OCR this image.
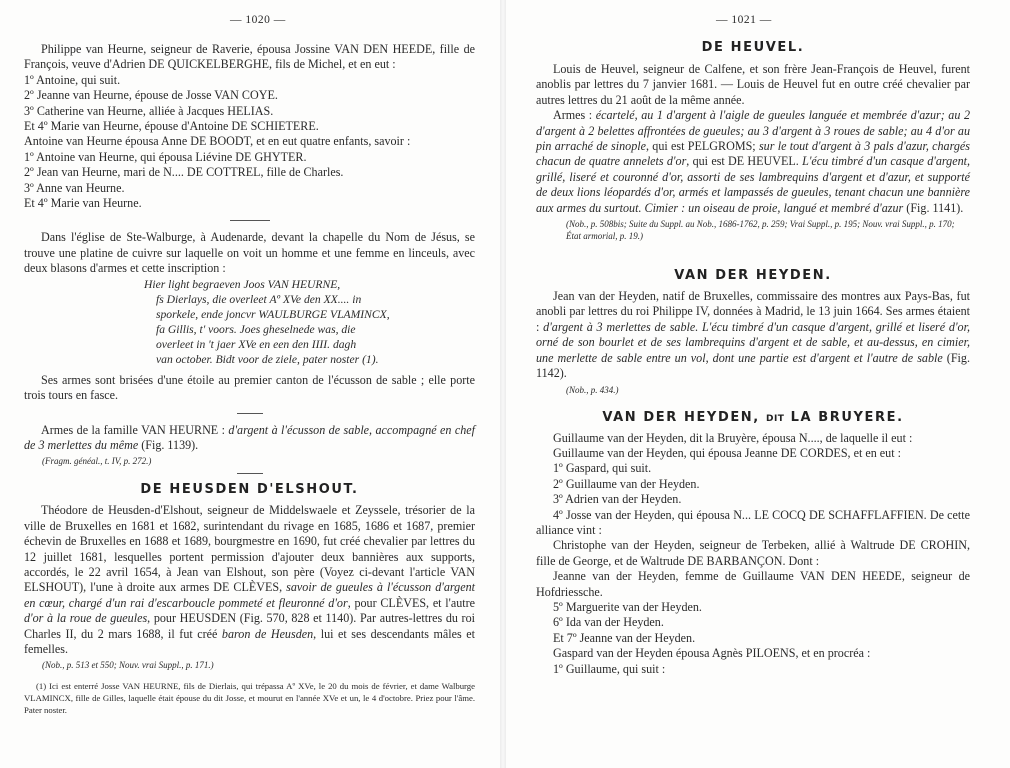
— 1020 —

Philippe van Heurne, seigneur de Raverie, épousa Jossine VAN DEN HEEDE, fille de François, veuve d'Adrien DE QUICKELBERGHE, fils de Michel, et en eut :

1º Antoine, qui suit.

2º Jeanne van Heurne, épouse de Josse VAN COYE.

3º Catherine van Heurne, alliée à Jacques HELIAS.

Et 4º Marie van Heurne, épouse d'Antoine DE SCHIETERE.

Antoine van Heurne épousa Anne DE BOODT, et en eut quatre enfants, savoir :

1º Antoine van Heurne, qui épousa Liévine DE GHYTER.

2º Jean van Heurne, mari de N.... DE COTTREL, fille de Charles.

3º Anne van Heurne.

Et 4º Marie van Heurne.

Dans l'église de Ste-Walburge, à Audenarde, devant la chapelle du Nom de Jésus, se trouve une platine de cuivre sur laquelle on voit un homme et une femme en linceuls, avec deux blasons d'armes et cette inscription :

Hier light begraeven Joos VAN HEURNE,
fs Dierlays, die overleet Aº XVe den XX.... in
sporkele, ende joncvr WAULBURGE VLAMINCX,
fa Gillis, t' voors. Joes gheselnede was, die
overleet in 't jaer XVe en een den IIII. dagh
van october. Bidt voor de ziele, pater noster (1).

Ses armes sont brisées d'une étoile au premier canton de l'écusson de sable ; elle porte trois tours en fasce.

Armes de la famille VAN HEURNE : d'argent à l'écusson de sable, accompagné en chef de 3 merlettes du même (Fig. 1139).

(Fragm. généal., t. IV, p. 272.)
DE HEUSDEN D'ELSHOUT.

Théodore de Heusden-d'Elshout, seigneur de Middelswaele et Zeyssele, trésorier de la ville de Bruxelles en 1681 et 1682, surintendant du rivage en 1685, 1686 et 1687, premier échevin de Bruxelles en 1688 et 1689, bourgmestre en 1690, fut créé chevalier par lettres du 12 juillet 1681, lesquelles portent permission d'ajouter deux bannières aux supports, accordés, le 22 avril 1654, à Jean van Elshout, son père (Voyez ci-devant l'article VAN ELSHOUT), l'une à droite aux armes DE CLÈVES, savoir de gueules à l'écusson d'argent en cœur, chargé d'un rai d'escarboucle pommeté et fleuronné d'or, pour CLÈVES, et l'autre d'or à la roue de gueules, pour HEUSDEN (Fig. 570, 828 et 1140). Par autres-lettres du roi Charles II, du 2 mars 1688, il fut créé baron de Heusden, lui et ses descendants mâles et femelles.

(Nob., p. 513 et 550; Nouv. vrai Suppl., p. 171.)
(1) Ici est enterré Josse VAN HEURNE, fils de Dierlais, qui trépassa Aº XVe, le 20 du mois de février, et dame Walburge VLAMINCX, fille de Gilles, laquelle était épouse du dit Josse, et mourut en l'année XVe et un, le 4 d'octobre. Priez pour l'âme. Pater noster.
— 1021 —
DE HEUVEL.

Louis de Heuvel, seigneur de Calfene, et son frère Jean-François de Heuvel, furent anoblis par lettres du 7 janvier 1681. — Louis de Heuvel fut en outre créé chevalier par autres lettres du 21 août de la même année.

Armes : écartelé, au 1 d'argent à l'aigle de gueules languée et membrée d'azur; au 2 d'argent à 2 belettes affrontées de gueules; au 3 d'argent à 3 roues de sable; au 4 d'or au pin arraché de sinople, qui est PELGROMS; sur le tout d'argent à 3 pals d'azur, chargés chacun de quatre annelets d'or, qui est DE HEUVEL. L'écu timbré d'un casque d'argent, grillé, liseré et couronné d'or, assorti de ses lambrequins d'argent et d'azur, et supporté de deux lions léopardés d'or, armés et lampassés de gueules, tenant chacun une bannière aux armes du surtout. Cimier : un oiseau de proie, langué et membré d'azur (Fig. 1141).

(Nob., p. 508bis; Suite du Suppl. au Nob., 1686-1762, p. 259; Vrai Suppl., p. 195; Nouv. vrai Suppl., p. 170; État armorial, p. 19.)
VAN DER HEYDEN.

Jean van der Heyden, natif de Bruxelles, commissaire des montres aux Pays-Bas, fut anobli par lettres du roi Philippe IV, données à Madrid, le 13 juin 1664. Ses armes étaient : d'argent à 3 merlettes de sable. L'écu timbré d'un casque d'argent, grillé et liseré d'or, orné de son bourlet et de ses lambrequins d'argent et de sable, et au-dessus, en cimier, une merlette de sable entre un vol, dont une partie est d'argent et l'autre de sable (Fig. 1142).

(Nob., p. 434.)
VAN DER HEYDEN, DIT LA BRUYERE.

Guillaume van der Heyden, dit la Bruyère, épousa N...., de laquelle il eut :

Guillaume van der Heyden, qui épousa Jeanne DE CORDES, et en eut :

1º Gaspard, qui suit.

2º Guillaume van der Heyden.

3º Adrien van der Heyden.

4º Josse van der Heyden, qui épousa N... LE COCQ DE SCHAFFLAFFIEN. De cette alliance vint :

Christophe van der Heyden, seigneur de Terbeken, allié à Waltrude DE CROHIN, fille de George, et de Waltrude DE BARBANÇON. Dont :

Jeanne van der Heyden, femme de Guillaume VAN DEN HEEDE, seigneur de Hofdriessche.

5º Marguerite van der Heyden.

6º Ida van der Heyden.

Et 7º Jeanne van der Heyden.

Gaspard van der Heyden épousa Agnès PILOENS, et en procréa :

1º Guillaume, qui suit :
